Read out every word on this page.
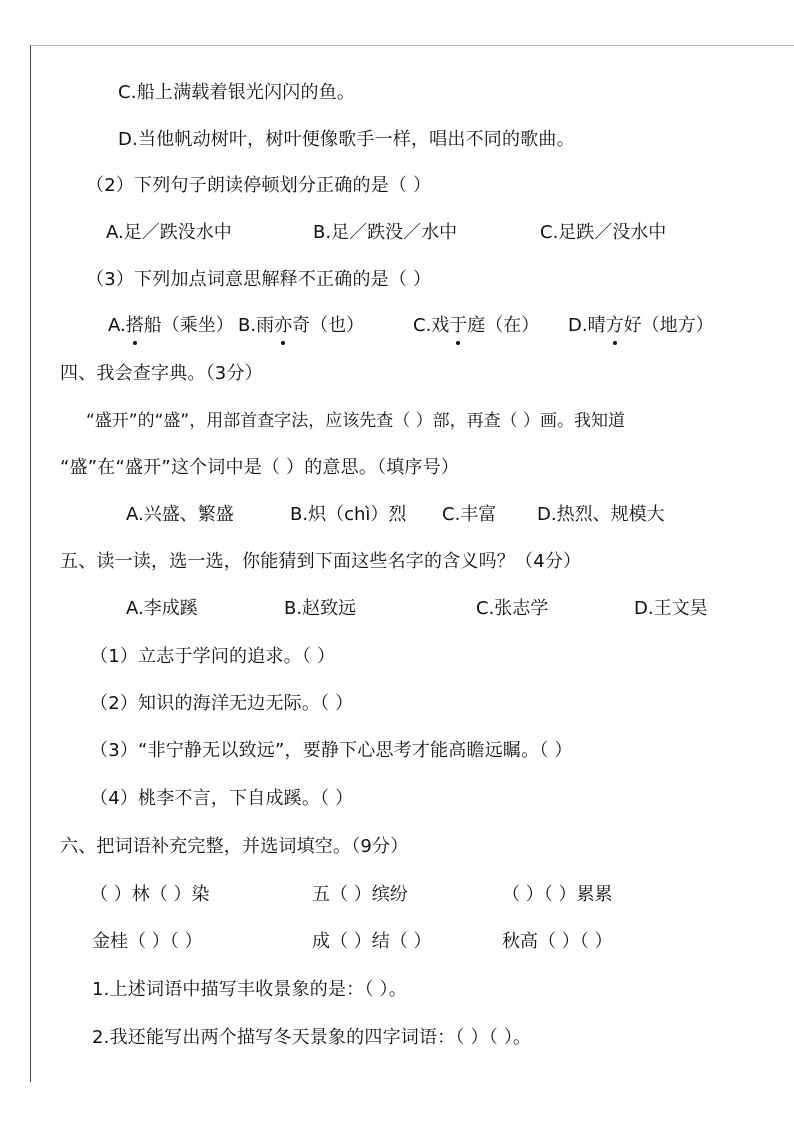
C.船上满载着银光闪闪的鱼。
D.当他帆动树叶，树叶便像歌手一样，唱出不同的歌曲。
（2）下列句子朗读停顿划分正确的是（ ）
A.足／跌没水中	B.足／跌没／水中	C.足跌／没水中
（3）下列加点词意思解释不正确的是（ ）
A.搭船（乘坐） B.雨亦奇（也）	C.戏于庭（在） D.晴方好（地方）
四、我会查字典。（3分）
“盛开”的“盛”，用部首查字法，应该先查（ ）部，再查（ ）画。我知道
“盛”在“盛开”这个词中是（ ）的意思。（填序号）
A.兴盛、繁盛	B.炽（chì）烈 C.丰富 D.热烈、规模大
五、读一读，选一选，你能猜到下面这些名字的含义吗？（4分）
A.李成蹊	B.赵致远	C.张志学	D.王文昊
（1）立志于学问的追求。（ ）
（2）知识的海洋无边无际。（ ）
（3）“非宁静无以致远”，要静下心思考才能高瞻远瞩。（ ）
（4）桃李不言，下自成蹊。（ ）
六、把词语补充完整，并选词填空。（9分）
（ ）林（ ）染	五（ ）缤纷	（ ）（ ）累累
金桂（ ）（ ）	成（ ）结（ ）	秋高（ ）（ ）
1.上述词语中描写丰收景象的是：（ ）。
2.我还能写出两个描写冬天景象的四字词语：（ ）（ ）。
